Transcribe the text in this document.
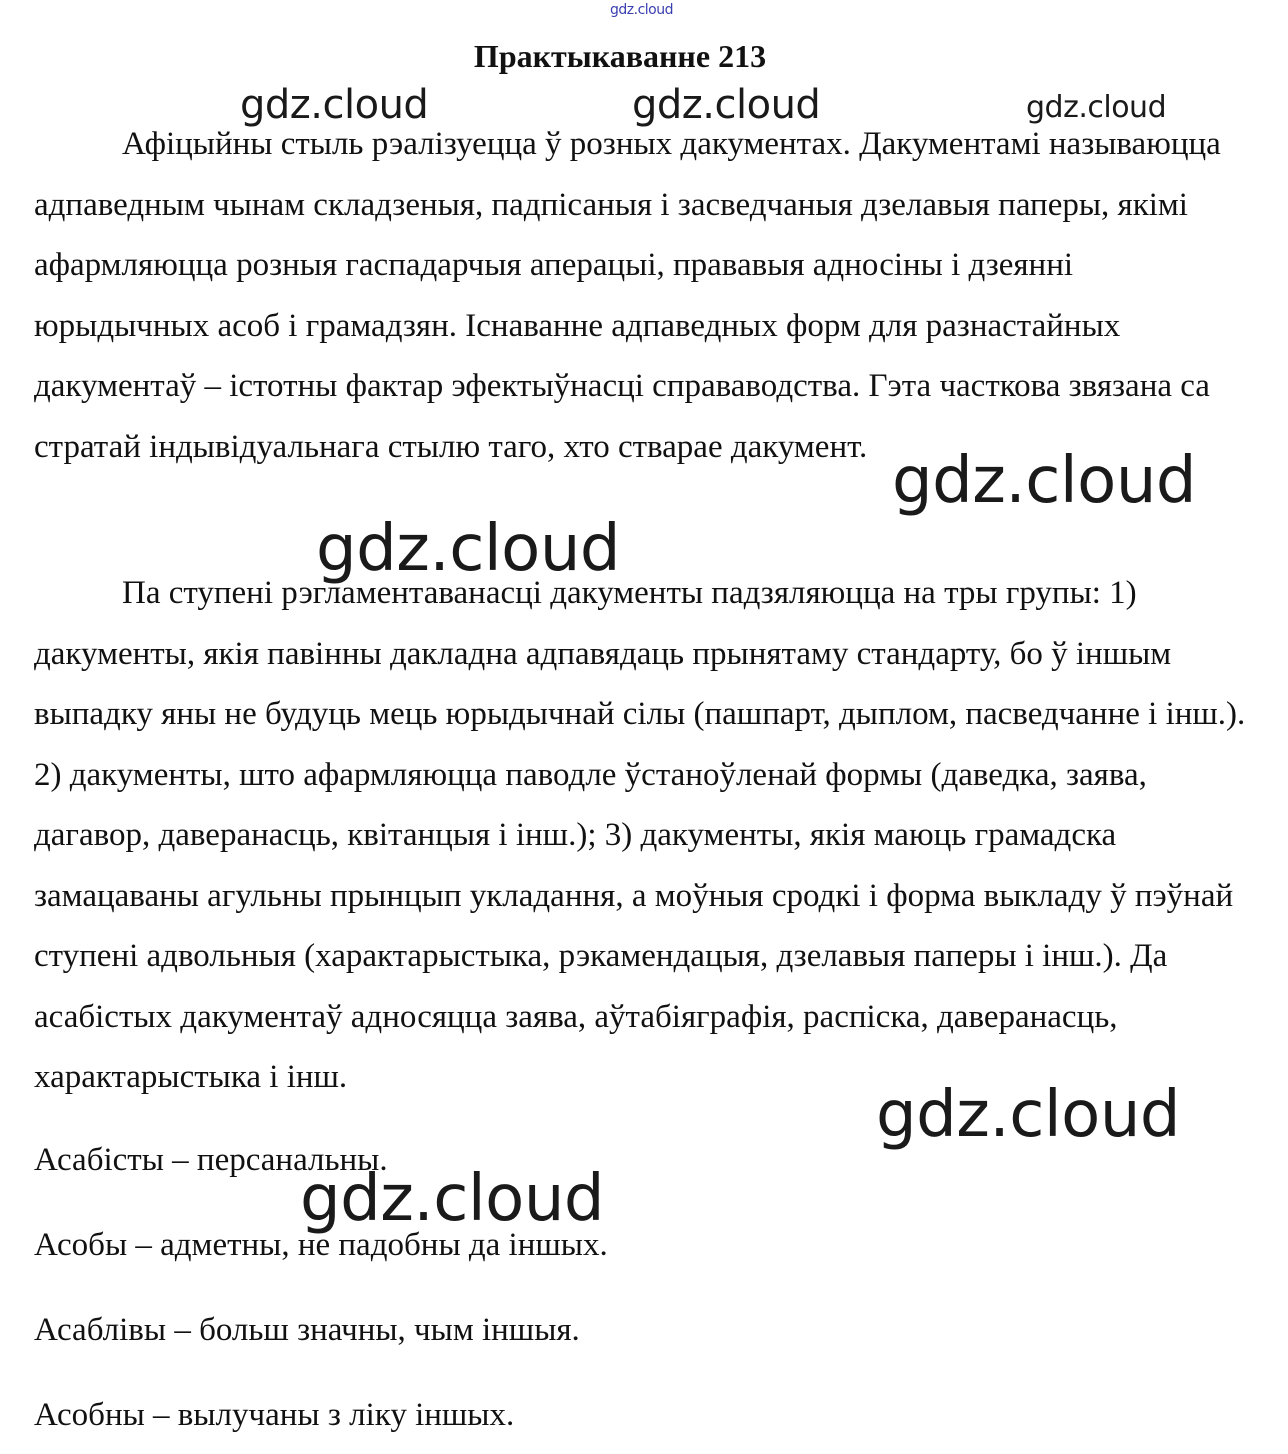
gdz.cloud
Практыкаванне 213
gdz.cloud	gdz.cloud	gdz.cloud

Афіцыйны стыль рэалізуецца ў розных дакументах. Дакументамі называюцца адпаведным чынам складзеныя, падпісаныя і засведчаныя дзелавыя паперы, якімі афармляюцца розныя гаспадарчыя аперацыі, прававыя адносіны і дзеянні юрыдычных асоб і грамадзян. Існаванне адпаведных форм для разнастайных дакументаў – істотны фактар эфектыўнасці справаводства. Гэта часткова звязана са стратай індывідуальнага стылю таго, хто стварае дакумент. gdz.cloud
gdz.cloud

Па ступені рэгламентаванасці дакументы падзяляюцца на тры групы: 1) дакументы, якія павінны дакладна адпавядаць прынятаму стандарту, бо ў іншым выпадку яны не будуць мець юрыдычнай сілы (пашпарт, дыплом, пасведчанне і інш.). 2) дакументы, што афармляюцца паводле ўстаноўленай формы (даведка, заява, дагавор, даверанасць, квітанцыя і інш.); 3) дакументы, якія маюць грамадска замацаваны агульны прынцып укладання, а моўныя сродкі і форма выкладу ў пэўнай ступені адвольныя (характарыстыка, рэкамендацыя, дзелавыя паперы і інш.). Да асабістых дакументаў адносяцца заява, аўтабіяграфія, распіска, даверанасць, характарыстыка і інш.

gdz.cloud
Асабісты – персанальны.
gdz.cloud
Асобы – адметны, не падобны да іншых.
Асаблівы – больш значны, чым іншыя.
Асобны – вылучаны з ліку іншых.
